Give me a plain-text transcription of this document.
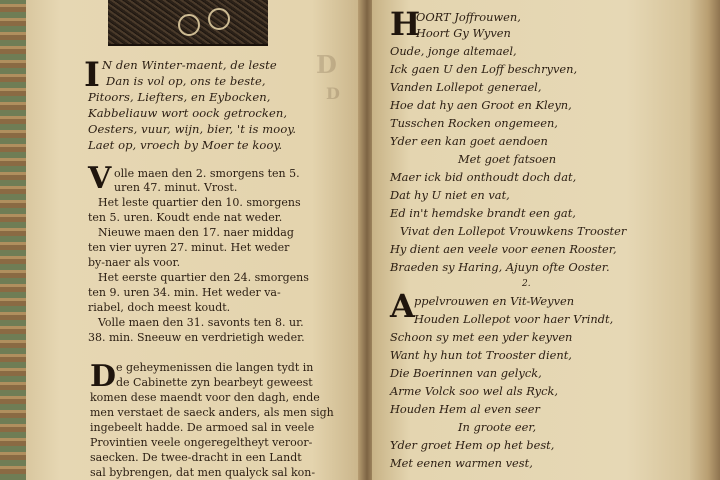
D
D
I N den Winter-maent, de leste
Dan is vol op, ons te beste,
Pitoors, Liefters, en Eybocken,
Kabbeliauw wort oock getrocken,
Oesters, vuur, wijn, bier, 't is mooy.
Laet op, vroech by Moer te kooy.
V olle maen den 2. smorgens ten 5.
uren 47. minut. Vrost.
Het leste quartier den 10. smorgens
ten 5. uren. Koudt ende nat weder.
Nieuwe maen den 17. naer middag
ten vier uyren 27. minut. Het weder
by-naer als voor.
Het eerste quartier den 24. smorgens
ten 9. uren 34. min. Het weder va-
riabel, doch meest koudt.
Volle maen den 31. savonts ten 8. ur.
38. min. Sneeuw en verdrietigh weder.
D e geheymenissen die langen tydt in
de Cabinette zyn bearbeyt geweest
komen dese maendt voor den dagh, ende
men verstaet de saeck anders, als men sigh
ingebeelt hadde. De armoed sal in veele
Provintien veele ongeregeltheyt veroor-
saecken. De twee-dracht in een Landt
sal bybrengen, dat men qualyck sal kon-
H
OORT Joffrouwen,
Hoort Gy Wyven
Oude, jonge altemael,
Ick gaen U den Loff beschryven,
Vanden Lollepot generael,
Hoe dat hy aen Groot en Kleyn,
Tusschen Rocken ongemeen,
Yder een kan goet aendoen
Met goet fatsoen
Maer ick bid onthoudt doch dat,
Dat hy U niet en vat,
Ed in't hemdske brandt een gat,
Vivat den Lollepot Vrouwkens Trooster
Hy dient aen veele voor eenen Rooster,
Braeden sy Haring, Ajuyn ofte Ooster.
2.
A ppelvrouwen en Vit-Weyven
Houden Lollepot voor haer Vrindt,
Schoon sy met een yder keyven
Want hy hun tot Trooster dient,
Die Boerinnen van gelyck,
Arme Volck soo wel als Ryck,
Houden Hem al even seer
In groote eer,
Yder groet Hem op het best,
Met eenen warmen vest,
